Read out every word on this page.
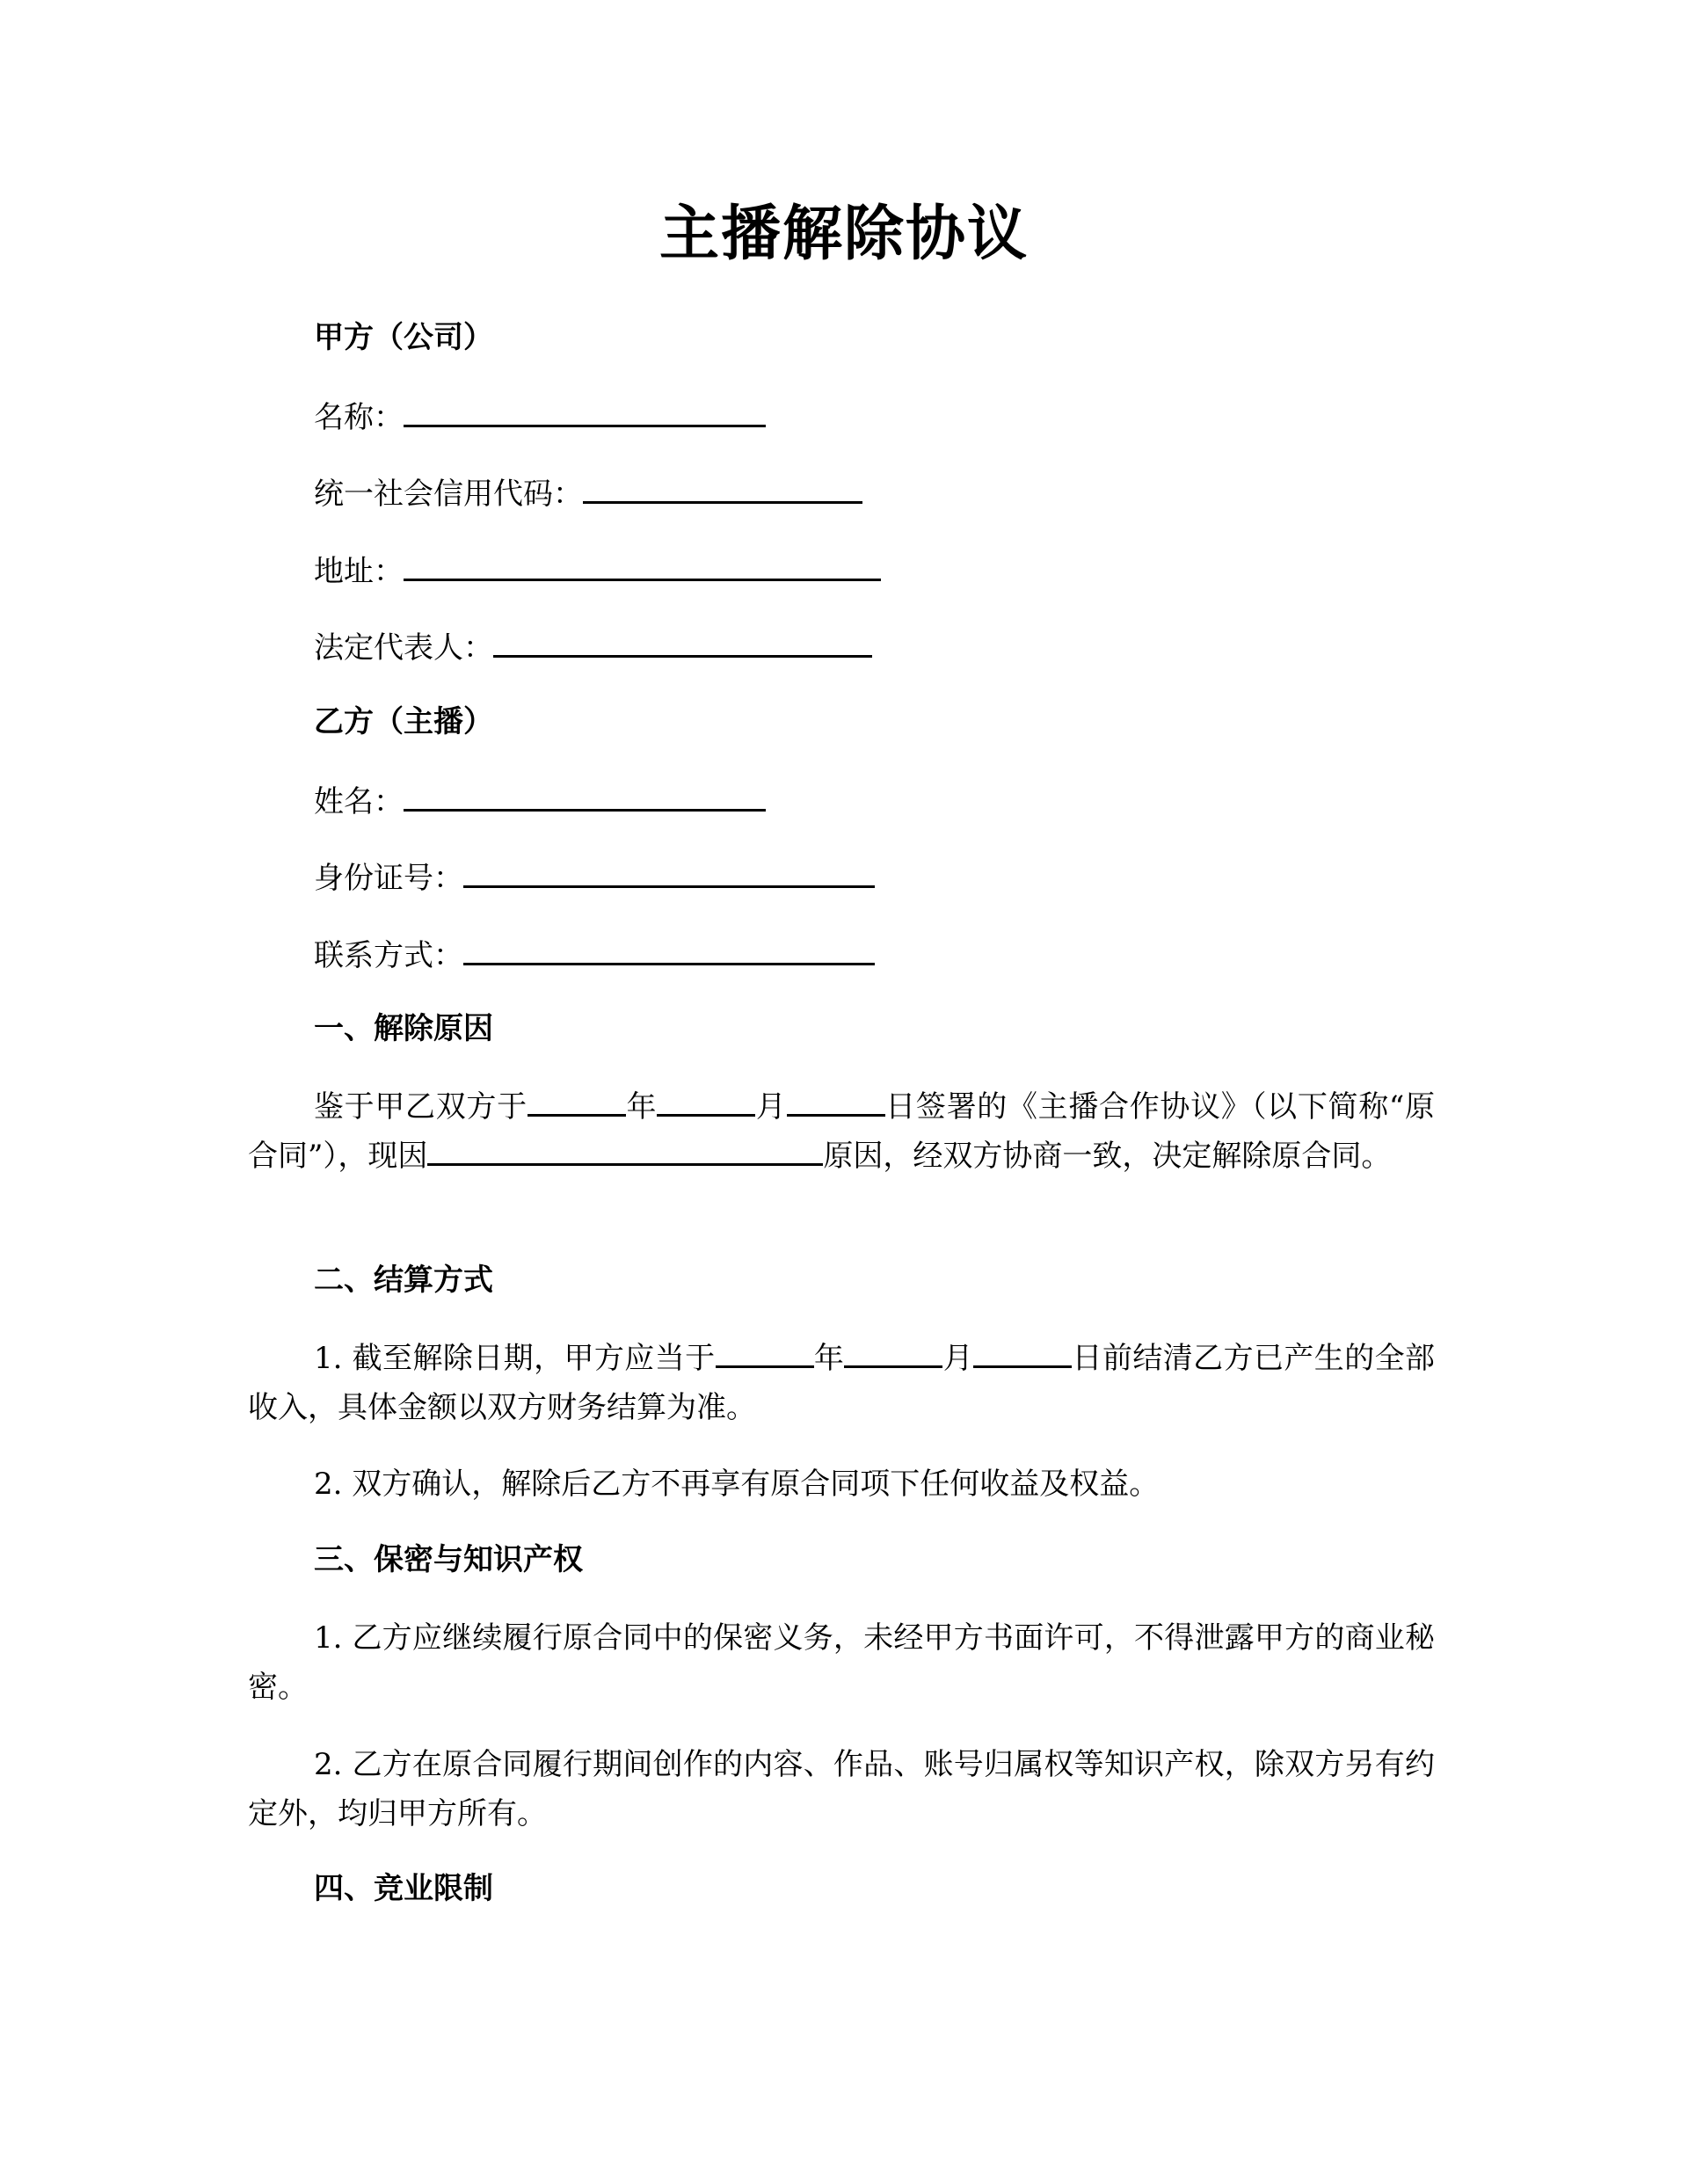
主播解除协议
甲方（公司）
名称：
统一社会信用代码：
地址：
法定代表人：
乙方（主播）
姓名：
身份证号：
联系方式：
一、解除原因
鉴于甲乙双方于	年	月	日签署的《主播合作协议》（以下简称“原合同”），现因	原因，经双方协商一致，决定解除原合同。
二、结算方式
1. 截至解除日期，甲方应当于	年	月	日前结清乙方已产生的全部收入，具体金额以双方财务结算为准。
2. 双方确认，解除后乙方不再享有原合同项下任何收益及权益。
三、保密与知识产权
1. 乙方应继续履行原合同中的保密义务，未经甲方书面许可，不得泄露甲方的商业秘密。
2. 乙方在原合同履行期间创作的内容、作品、账号归属权等知识产权，除双方另有约定外，均归甲方所有。
四、竞业限制
